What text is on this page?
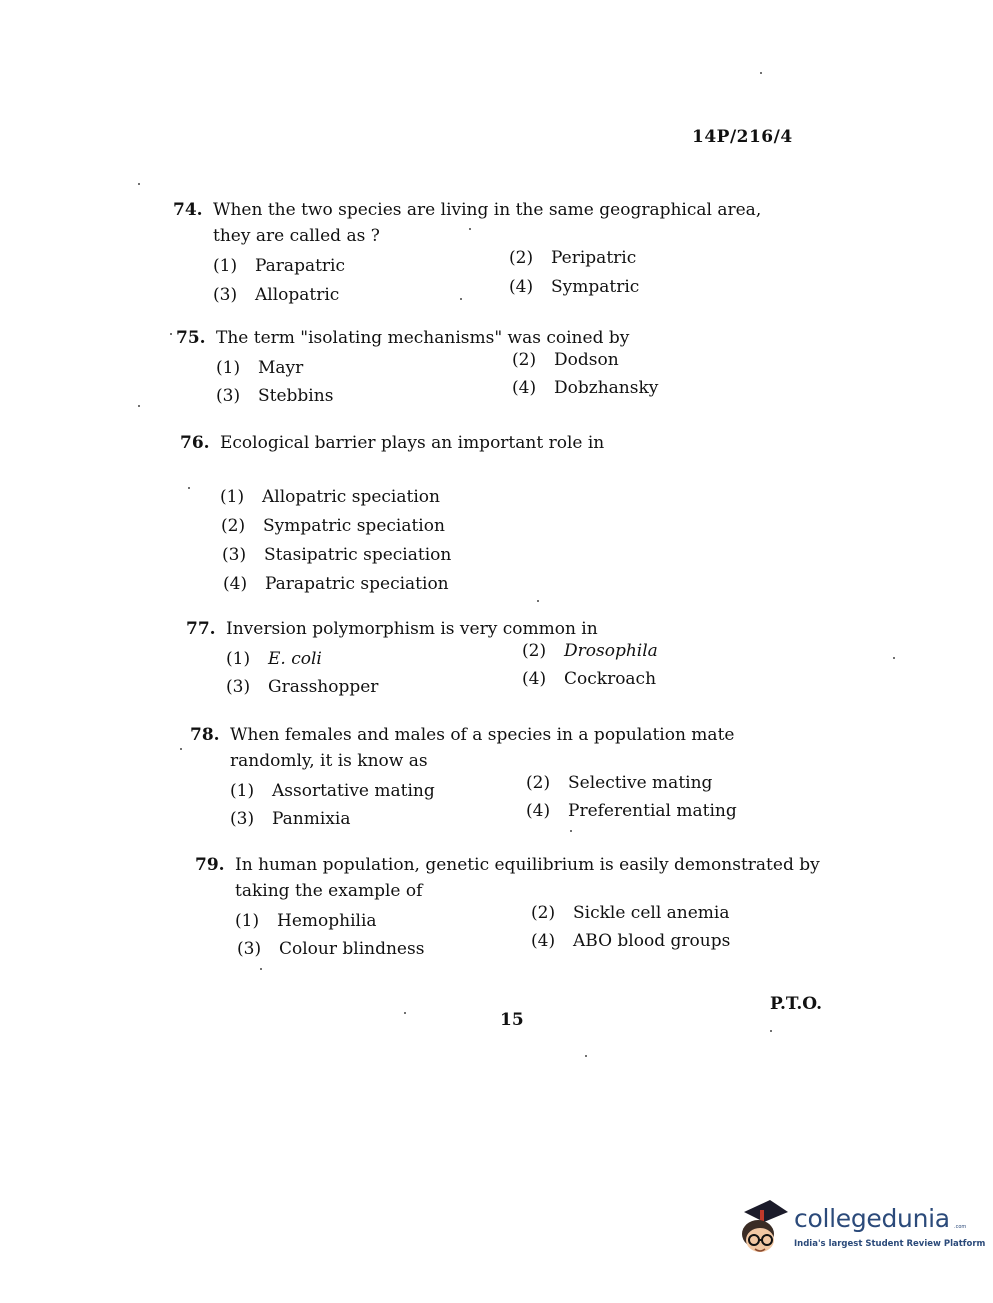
14P/216/4
74. When the two species are living in the same geographical area, they are called as ?
(1)	Parapatric	(2)	Peripatric
(3)	Allopatric	(4)	Sympatric
75. The term "isolating mechanisms" was coined by
(1)	Mayr	(2)	Dodson
(3)	Stebbins	(4)	Dobzhansky
76. Ecological barrier plays an important role in
(1)	Allopatric speciation
(2)	Sympatric speciation
(3)	Stasipatric speciation
(4)	Parapatric speciation
77. Inversion polymorphism is very common in
(1)	E. coli	(2)	Drosophila
(3)	Grasshopper	(4)	Cockroach
78. When females and males of a species in a population mate randomly, it is know as
(1)	Assortative mating	(2)	Selective mating
(3)	Panmixia	(4)	Preferential mating
79. In human population, genetic equilibrium is easily demonstrated by taking the example of
(1)	Hemophilia	(2)	Sickle cell anemia
(3)	Colour blindness	(4)	ABO blood groups
P.T.O.
15
collegedunia .com
India's largest Student Review Platform
